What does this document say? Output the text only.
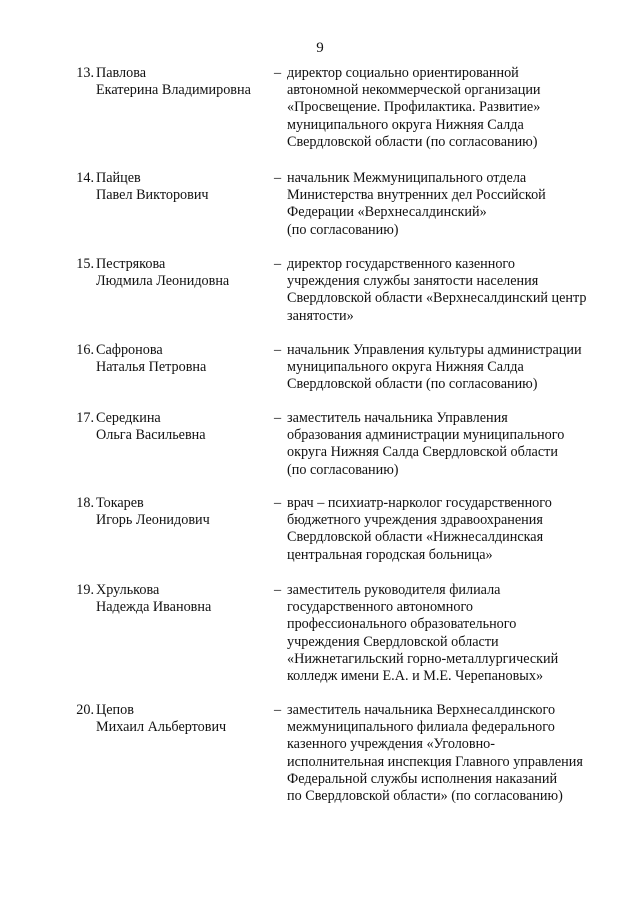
9
13. Павлова
Екатерина Владимировна
– директор социально ориентированной
автономной некоммерческой организации
«Просвещение. Профилактика. Развитие»
муниципального округа Нижняя Салда
Свердловской области (по согласованию)
14. Пайцев
Павел Викторович
– начальник Межмуниципального отдела
Министерства внутренних дел Российской
Федерации «Верхнесалдинский»
(по согласованию)
15. Пестрякова
Людмила Леонидовна
– директор государственного казенного
учреждения службы занятости населения
Свердловской области «Верхнесалдинский центр
занятости»
16. Сафронова
Наталья Петровна
– начальник Управления культуры администрации
муниципального округа Нижняя Салда
Свердловской области (по согласованию)
17. Середкина
Ольга Васильевна
– заместитель начальника Управления
образования администрации муниципального
округа Нижняя Салда Свердловской области
(по согласованию)
18. Токарев
Игорь Леонидович
– врач – психиатр-нарколог государственного
бюджетного учреждения здравоохранения
Свердловской области «Нижнесалдинская
центральная городская больница»
19. Хрулькова
Надежда Ивановна
– заместитель руководителя филиала
государственного автономного
профессионального образовательного
учреждения Свердловской области
«Нижнетагильский горно-металлургический
колледж имени Е.А. и М.Е. Черепановых»
20. Цепов
Михаил Альбертович
– заместитель начальника Верхнесалдинского
межмуниципального филиала федерального
казенного учреждения «Уголовно-
исполнительная инспекция Главного управления
Федеральной службы исполнения наказаний
по Свердловской области» (по согласованию)
